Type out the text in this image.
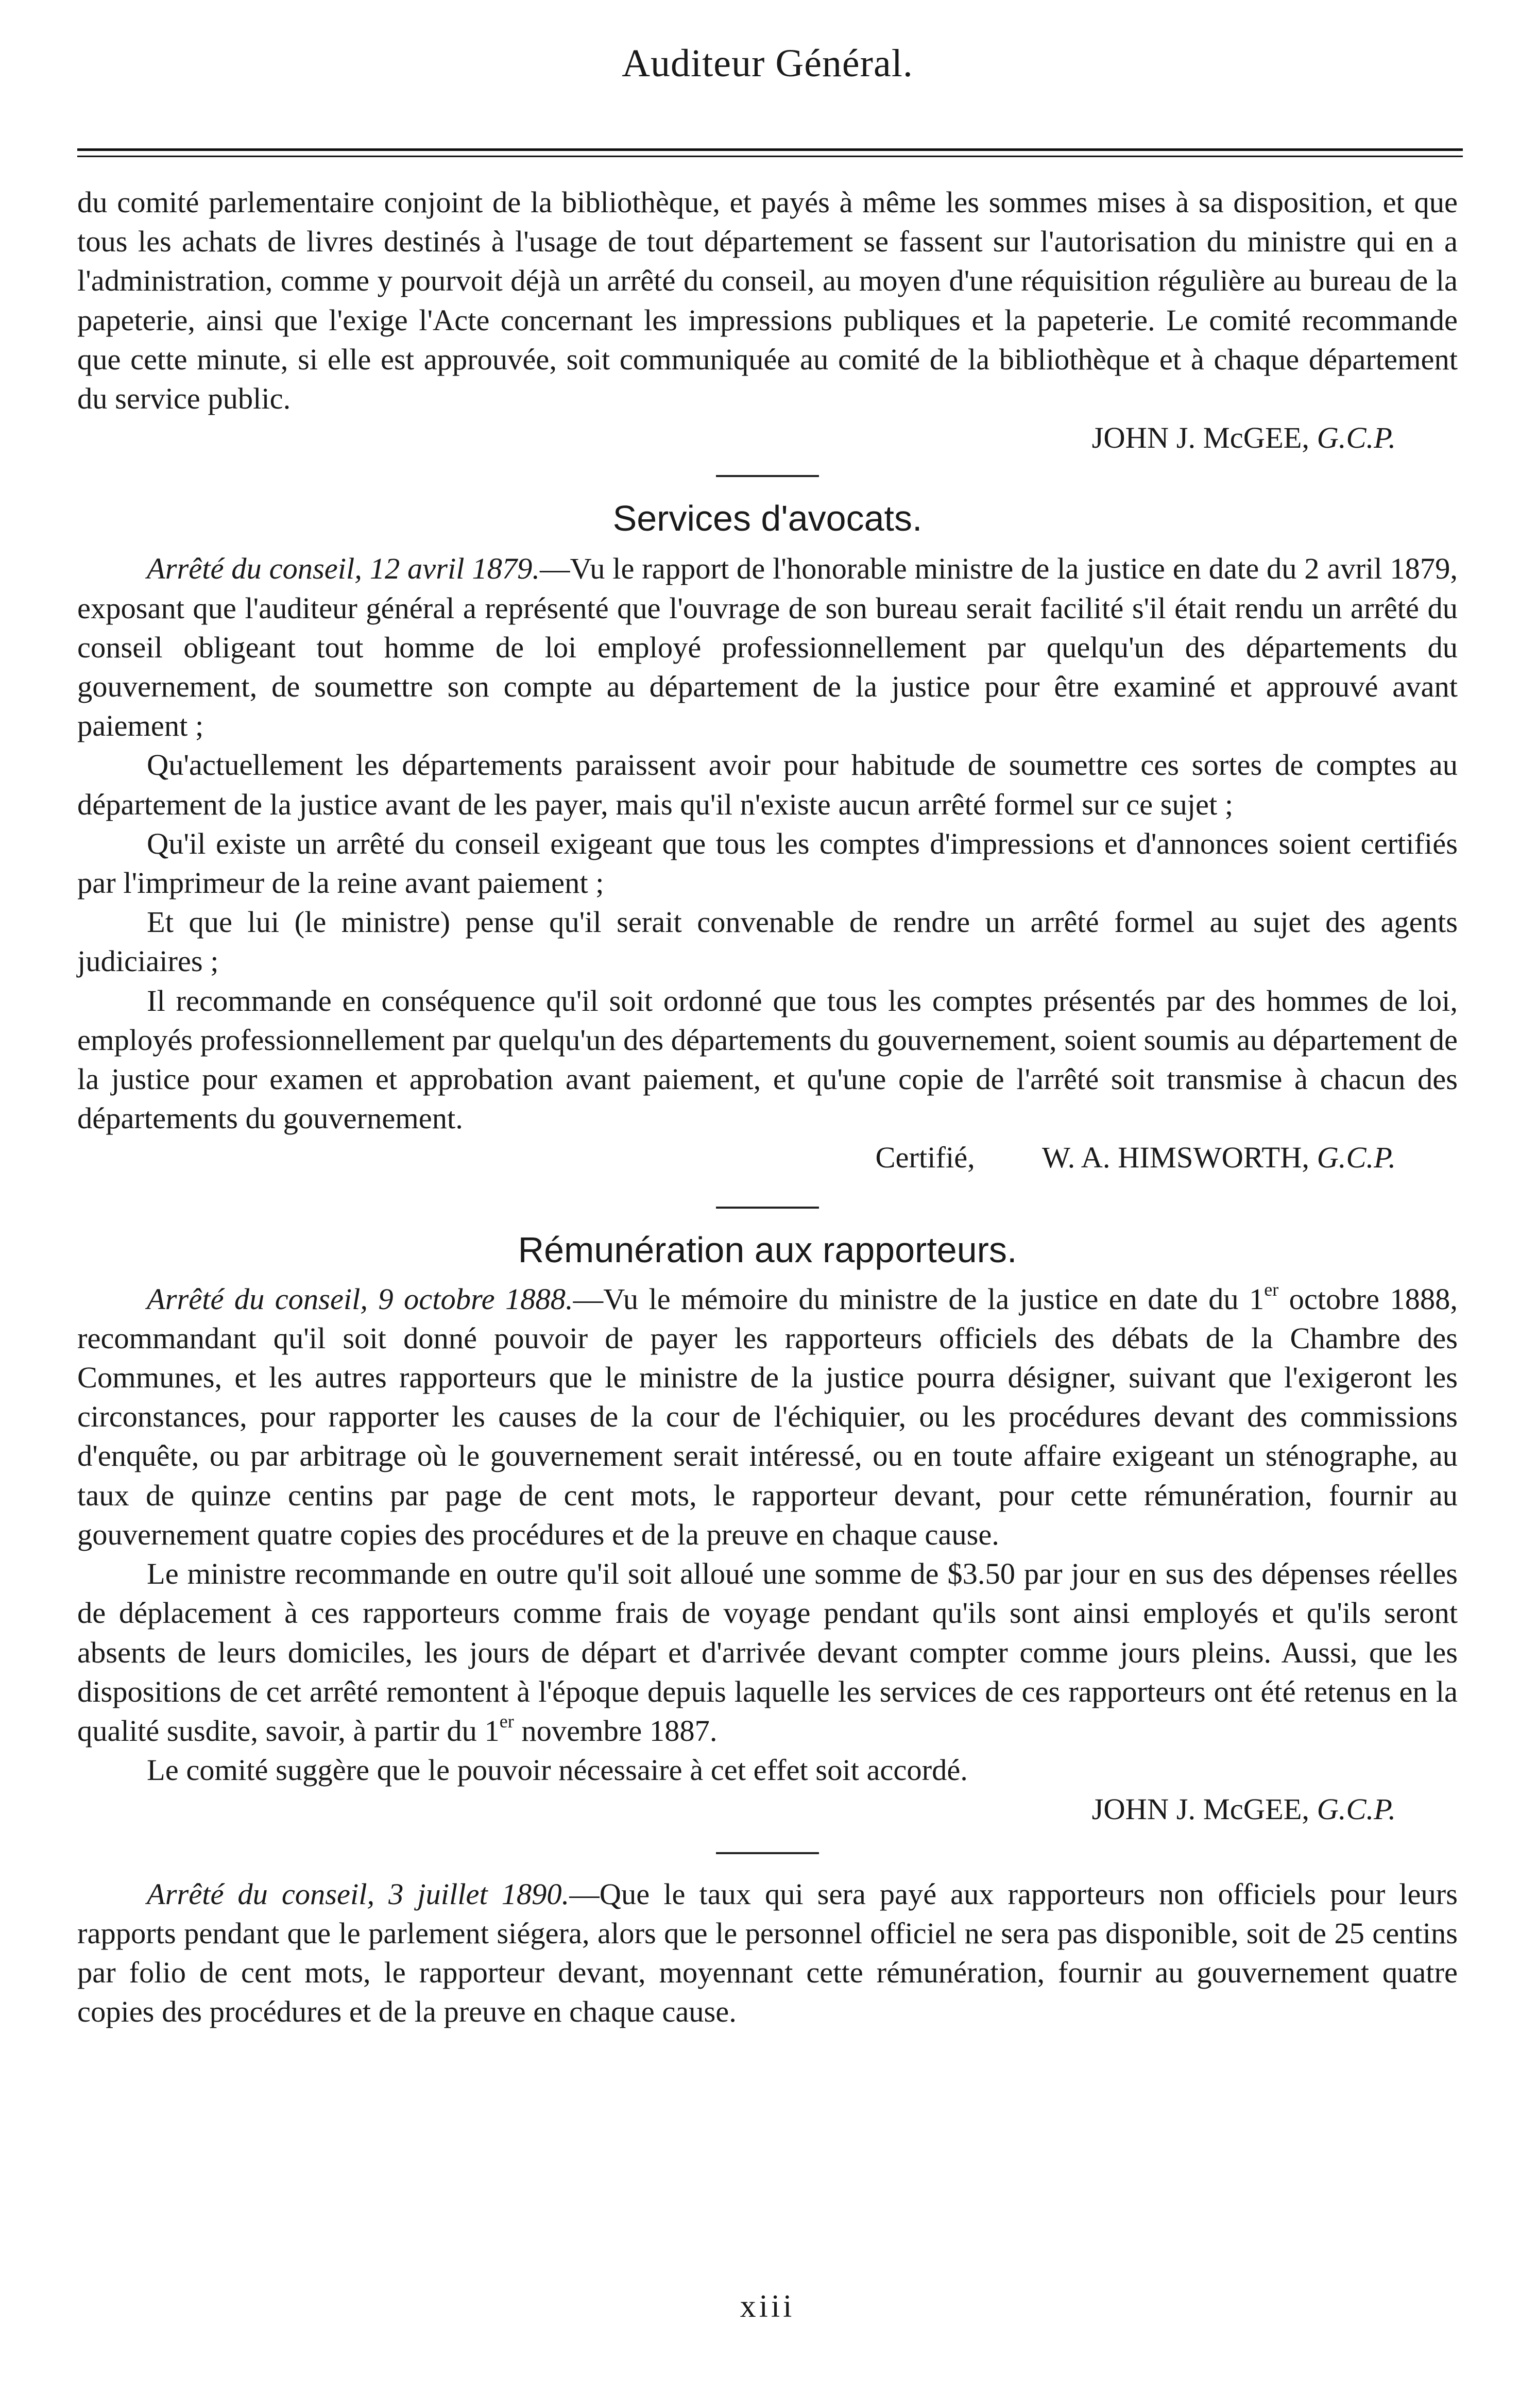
Auditeur Général.

du comité parlementaire conjoint de la bibliothèque, et payés à même les sommes mises à sa disposition, et que tous les achats de livres destinés à l'usage de tout département se fassent sur l'autorisation du ministre qui en a l'administration, comme y pourvoit déjà un arrêté du conseil, au moyen d'une réquisition régulière au bureau de la papeterie, ainsi que l'exige l'Acte concernant les impressions publiques et la papeterie. Le comité recommande que cette minute, si elle est approuvée, soit communiquée au comité de la bibliothèque et à chaque département du service public.

JOHN J. McGEE, G.C.P.

Services d'avocats.

Arrêté du conseil, 12 avril 1879.—Vu le rapport de l'honorable ministre de la justice en date du 2 avril 1879, exposant que l'auditeur général a représenté que l'ouvrage de son bureau serait facilité s'il était rendu un arrêté du conseil obligeant tout homme de loi employé professionnellement par quelqu'un des départements du gouvernement, de soumettre son compte au département de la justice pour être examiné et approuvé avant paiement ;

Qu'actuellement les départements paraissent avoir pour habitude de soumettre ces sortes de comptes au département de la justice avant de les payer, mais qu'il n'existe aucun arrêté formel sur ce sujet ;

Qu'il existe un arrêté du conseil exigeant que tous les comptes d'impressions et d'annonces soient certifiés par l'imprimeur de la reine avant paiement ;

Et que lui (le ministre) pense qu'il serait convenable de rendre un arrêté formel au sujet des agents judiciaires ;

Il recommande en conséquence qu'il soit ordonné que tous les comptes présentés par des hommes de loi, employés professionnellement par quelqu'un des départements du gouvernement, soient soumis au département de la justice pour examen et approbation avant paiement, et qu'une copie de l'arrêté soit transmise à chacun des départements du gouvernement.

Certifié, W. A. HIMSWORTH, G.C.P.

Rémunération aux rapporteurs.

Arrêté du conseil, 9 octobre 1888.—Vu le mémoire du ministre de la justice en date du 1er octobre 1888, recommandant qu'il soit donné pouvoir de payer les rapporteurs officiels des débats de la Chambre des Communes, et les autres rapporteurs que le ministre de la justice pourra désigner, suivant que l'exigeront les circonstances, pour rapporter les causes de la cour de l'échiquier, ou les procédures devant des commissions d'enquête, ou par arbitrage où le gouvernement serait intéressé, ou en toute affaire exigeant un sténographe, au taux de quinze centins par page de cent mots, le rapporteur devant, pour cette rémunération, fournir au gouvernement quatre copies des procédures et de la preuve en chaque cause.

Le ministre recommande en outre qu'il soit alloué une somme de $3.50 par jour en sus des dépenses réelles de déplacement à ces rapporteurs comme frais de voyage pendant qu'ils sont ainsi employés et qu'ils seront absents de leurs domiciles, les jours de départ et d'arrivée devant compter comme jours pleins. Aussi, que les dispositions de cet arrêté remontent à l'époque depuis laquelle les services de ces rapporteurs ont été retenus en la qualité susdite, savoir, à partir du 1er novembre 1887.

Le comité suggère que le pouvoir nécessaire à cet effet soit accordé.

JOHN J. McGEE, G.C.P.

Arrêté du conseil, 3 juillet 1890.—Que le taux qui sera payé aux rapporteurs non officiels pour leurs rapports pendant que le parlement siégera, alors que le personnel officiel ne sera pas disponible, soit de 25 centins par folio de cent mots, le rapporteur devant, moyennant cette rémunération, fournir au gouvernement quatre copies des procédures et de la preuve en chaque cause.

xiii
